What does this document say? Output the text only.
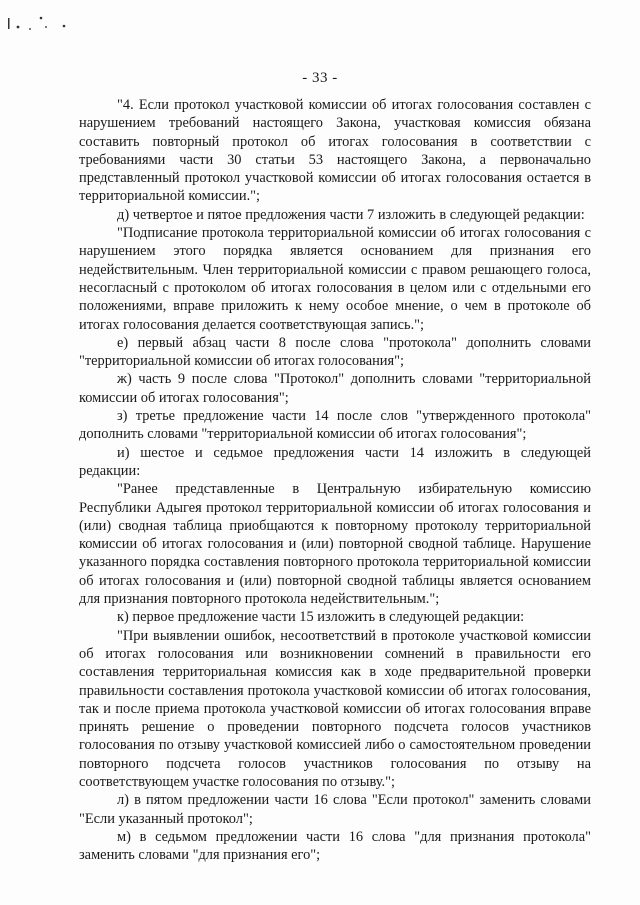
- 33 -

"4. Если протокол участковой комиссии об итогах голосования составлен с нарушением требований настоящего Закона, участковая комиссия обязана составить повторный протокол об итогах голосования в соответствии с требованиями части 30 статьи 53 настоящего Закона, а первоначально представленный протокол участковой комиссии об итогах голосования остается в территориальной комиссии.";

д) четвертое и пятое предложения части 7 изложить в следующей редакции:

"Подписание протокола территориальной комиссии об итогах голосования с нарушением этого порядка является основанием для признания его недействительным. Член территориальной комиссии с правом решающего голоса, несогласный с протоколом об итогах голосования в целом или с отдельными его положениями, вправе приложить к нему особое мнение, о чем в протоколе об итогах голосования делается соответствующая запись.";

е) первый абзац части 8 после слова "протокола" дополнить словами "территориальной комиссии об итогах голосования";

ж) часть 9 после слова "Протокол" дополнить словами "территориальной комиссии об итогах голосования";

з) третье предложение части 14 после слов "утвержденного протокола" дополнить словами "территориальной комиссии об итогах голосования";

и) шестое и седьмое предложения части 14 изложить в следующей редакции:

"Ранее представленные в Центральную избирательную комиссию Республики Адыгея протокол территориальной комиссии об итогах голосования и (или) сводная таблица приобщаются к повторному протоколу территориальной комиссии об итогах голосования и (или) повторной сводной таблице. Нарушение указанного порядка составления повторного протокола территориальной комиссии об итогах голосования и (или) повторной сводной таблицы является основанием для признания повторного протокола недействительным.";

к) первое предложение части 15 изложить в следующей редакции:

"При выявлении ошибок, несоответствий в протоколе участковой комиссии об итогах голосования или возникновении сомнений в правильности его составления территориальная комиссия как в ходе предварительной проверки правильности составления протокола участковой комиссии об итогах голосования, так и после приема протокола участковой комиссии об итогах голосования вправе принять решение о проведении повторного подсчета голосов участников голосования по отзыву участковой комиссией либо о самостоятельном проведении повторного подсчета голосов участников голосования по отзыву на соответствующем участке голосования по отзыву.";

л) в пятом предложении части 16 слова "Если протокол" заменить словами "Если указанный протокол";

м) в седьмом предложении части 16 слова "для признания протокола" заменить словами "для признания его";
